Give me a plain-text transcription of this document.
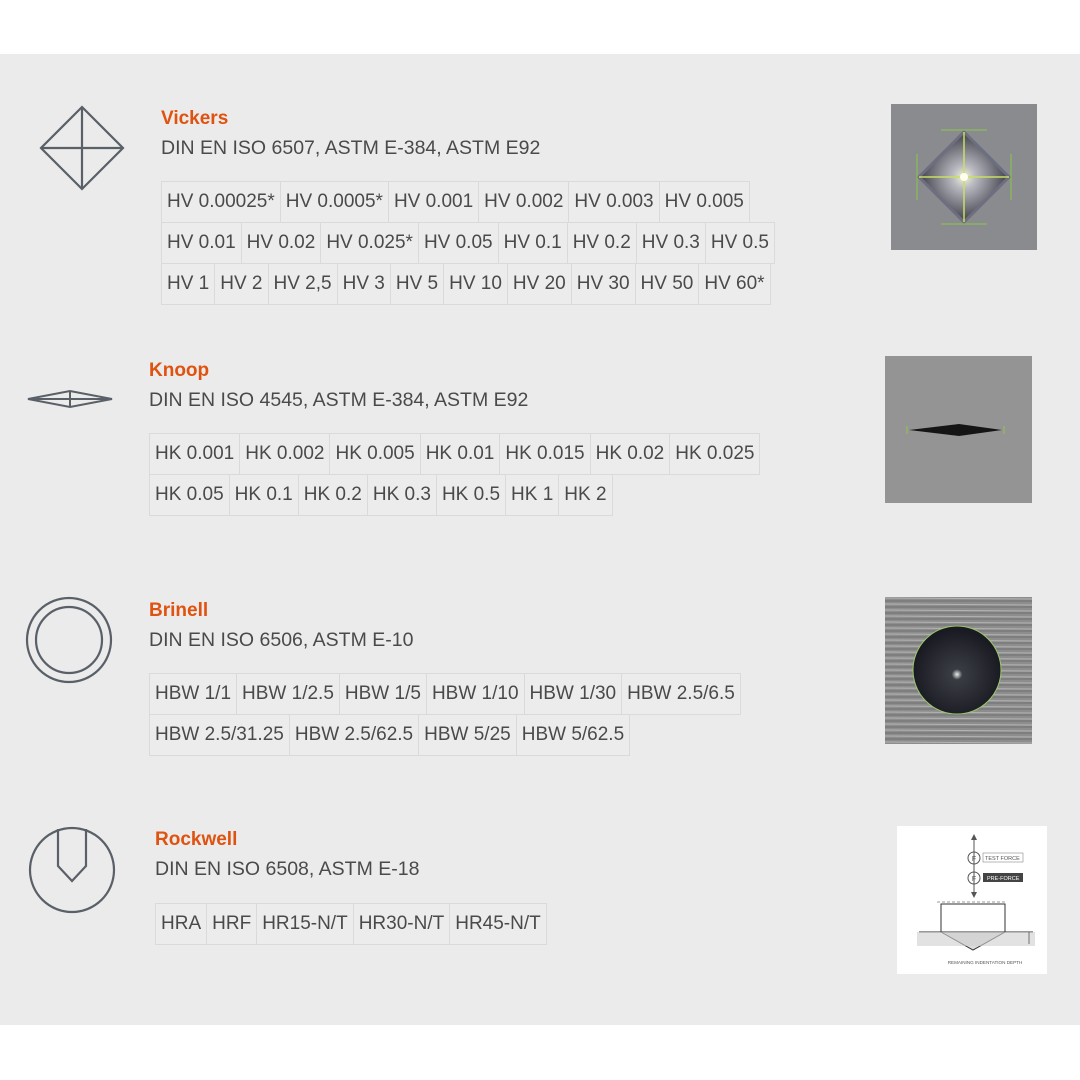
Vickers
DIN EN ISO 6507, ASTM E-384, ASTM E92
HV 0.00025* HV 0.0005* HV 0.001 HV 0.002 HV 0.003 HV 0.005
HV 0.01 HV 0.02 HV 0.025* HV 0.05 HV 0.1 HV 0.2 HV 0.3 HV 0.5
HV 1 HV 2 HV 2,5 HV 3 HV 5 HV 10 HV 20 HV 30 HV 50 HV 60*
Knoop
DIN EN ISO 4545, ASTM E-384, ASTM E92
HK 0.001 HK 0.002 HK 0.005 HK 0.01 HK 0.015 HK 0.02 HK 0.025
HK 0.05 HK 0.1 HK 0.2 HK 0.3 HK 0.5 HK 1 HK 2
Brinell
DIN EN ISO 6506, ASTM E-10
HBW 1/1 HBW 1/2.5 HBW 1/5 HBW 1/10 HBW 1/30 HBW 2.5/6.5
HBW 2.5/31.25 HBW 2.5/62.5 HBW 5/25 HBW 5/62.5
Rockwell
DIN EN ISO 6508, ASTM E-18
HRA HRF HR15-N/T HR30-N/T HR45-N/T
F TEST FORCE
F PRE-FORCE
REMAINING INDENTATION DEPTH
